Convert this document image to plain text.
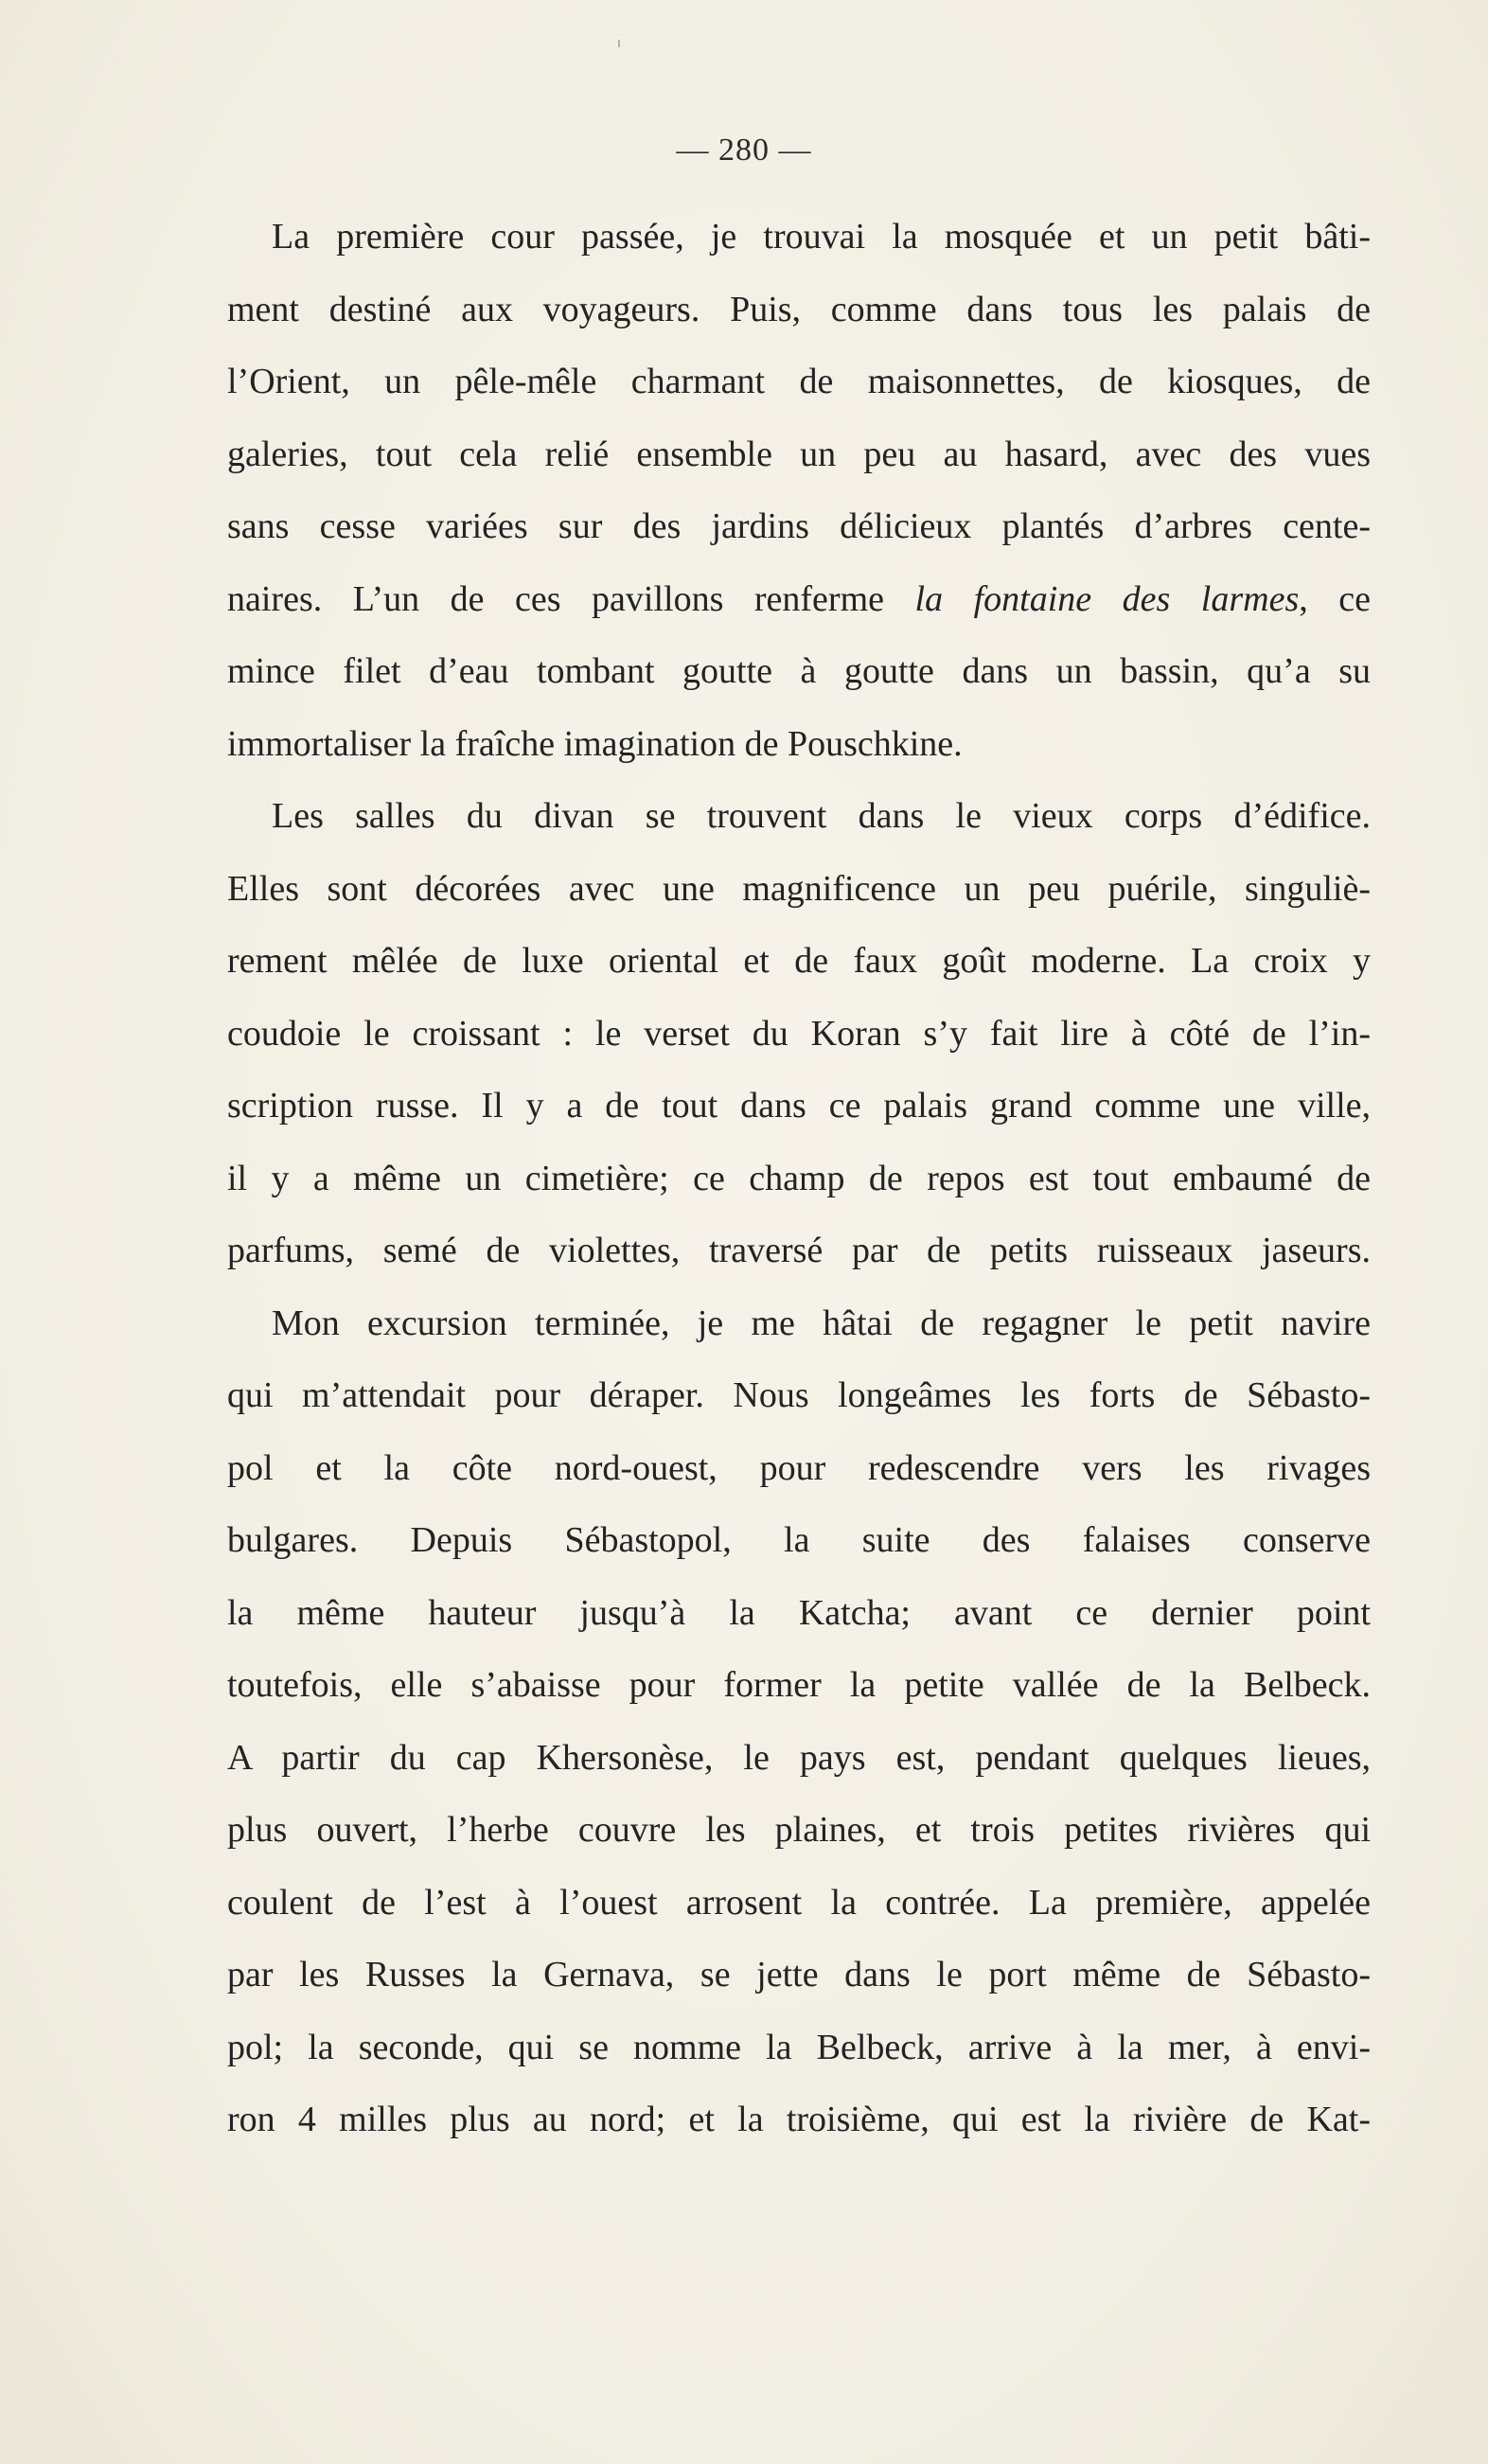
— 280 —
La première cour passée, je trouvai la mosquée et un petit bâti-
ment destiné aux voyageurs. Puis, comme dans tous les palais de
l’Orient, un pêle-mêle charmant de maisonnettes, de kiosques, de
galeries, tout cela relié ensemble un peu au hasard, avec des vues
sans cesse variées sur des jardins délicieux plantés d’arbres cente-
naires. L’un de ces pavillons renferme la fontaine des larmes, ce
mince filet d’eau tombant goutte à goutte dans un bassin, qu’a su
immortaliser la fraîche imagination de Pouschkine.
Les salles du divan se trouvent dans le vieux corps d’édifice.
Elles sont décorées avec une magnificence un peu puérile, singuliè-
rement mêlée de luxe oriental et de faux goût moderne. La croix y
coudoie le croissant : le verset du Koran s’y fait lire à côté de l’in-
scription russe. Il y a de tout dans ce palais grand comme une ville,
il y a même un cimetière; ce champ de repos est tout embaumé de
parfums, semé de violettes, traversé par de petits ruisseaux jaseurs.
Mon excursion terminée, je me hâtai de regagner le petit navire
qui m’attendait pour déraper. Nous longeâmes les forts de Sébasto-
pol et la côte nord-ouest, pour redescendre vers les rivages
bulgares. Depuis Sébastopol, la suite des falaises conserve
la même hauteur jusqu’à la Katcha; avant ce dernier point
toutefois, elle s’abaisse pour former la petite vallée de la Belbeck.
A partir du cap Khersonèse, le pays est, pendant quelques lieues,
plus ouvert, l’herbe couvre les plaines, et trois petites rivières qui
coulent de l’est à l’ouest arrosent la contrée. La première, appelée
par les Russes la Gernava, se jette dans le port même de Sébasto-
pol; la seconde, qui se nomme la Belbeck, arrive à la mer, à envi-
ron 4 milles plus au nord; et la troisième, qui est la rivière de Kat-
